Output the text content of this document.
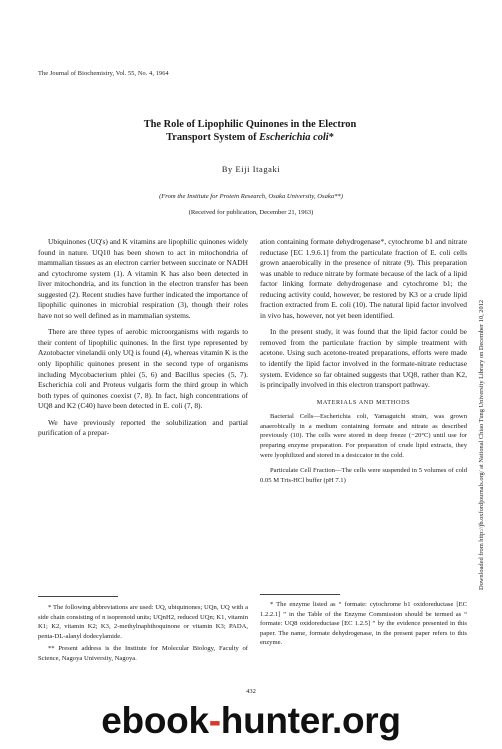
The Journal of Biochemistry, Vol. 55, No. 4, 1964
The Role of Lipophilic Quinones in the Electron
Transport System of Escherichia coli*
By Eiji Itagaki
(From the Institute for Protein Research, Osaka University, Osaka**)
(Received for publication, December 21, 1963)

Ubiquinones (UQ's) and K vitamins are lipophilic quinones widely found in nature. UQ10 has been shown to act in mitochondria of mammalian tissues as an electron carrier between succinate or NADH and cytochrome system (1). A vitamin K has also been detected in liver mitochondria, and its function in the electron transfer has been suggested (2). Recent studies have further indicated the importance of lipophilic quinones in microbial respiration (3), though their roles have not so well defined as in mammalian systems.

There are three types of aerobic microorganisms with regards to their content of lipophilic quinones. In the first type represented by Azotobacter vinelandii only UQ is found (4), whereas vitamin K is the only lipophilic quinones present in the second type of organisms including Mycobacterium phlei (5, 6) and Bacillus species (5, 7). Escherichia coli and Proteus vulgaris form the third group in which both types of quinones coexist (7, 8). In fact, high concentrations of UQ8 and K2 (C40) have been detected in E. coli (7, 8).

We have previously reported the solubilization and partial purification of a prepar-

ation containing formate dehydrogenase*, cytochrome b1 and nitrate reductase [EC 1.9.6.1] from the particulate fraction of E. coli cells grown anaerobically in the presence of nitrate (9). This preparation was unable to reduce nitrate by formate because of the lack of a lipid factor linking formate dehydrogenase and cytochrome b1; the reducing activity could, however, be restored by K3 or a crude lipid fraction extracted from E. coli (10). The natural lipid factor involved in vivo has, however, not yet been identified.

In the present study, it was found that the lipid factor could be removed from the particulate fraction by simple treatment with acetone. Using such acetone-treated preparations, efforts were made to identify the lipid factor involved in the formate-nitrate reductase system. Evidence so far obtained suggests that UQ8, rather than K2, is principally involved in this electron transport pathway.

MATERIALS AND METHODS

Bacterial Cells—Escherichia coli, Yamagutchi strain, was grown anaerobically in a medium containing formate and nitrate as described previously (10). The cells were stored in deep freeze (−20°C) until use for preparing enzyme preparation. For preparation of crude lipid extracts, they were lyophilized and stored in a desiccator in the cold.

Particulate Cell Fraction—The cells were suspended in 5 volumes of cold 0.05 M Tris-HCl buffer (pH 7.1)

* The following abbreviations are used: UQ, ubiquinones; UQn, UQ with a side chain consisting of n isoprenoid units; UQnH2, reduced UQn; K1, vitamin K1; K2, vitamin K2; K3, 2-methylnaphthoquinone or vitamin K3; PADA, penta-DL-alanyl dodecylamide.

** Present address is the Institute for Molecular Biology, Faculty of Science, Nagoya University, Nagoya.

* The enzyme listed as “ formate: cytochrome b1 oxidoreductase [EC 1.2.2.1] ” in the Table of the Enzyme Commission should be termed as “ formate: UQ8 oxidoreductase [EC 1.2.5] ” by the evidence presented in this paper. The name, formate dehydrogenase, in the present paper refers to this enzyme.

432
Downloaded from http://jb.oxfordjournals.org/ at National Chiao Tung University Library on December 10, 2012
ebook-hunter.org
